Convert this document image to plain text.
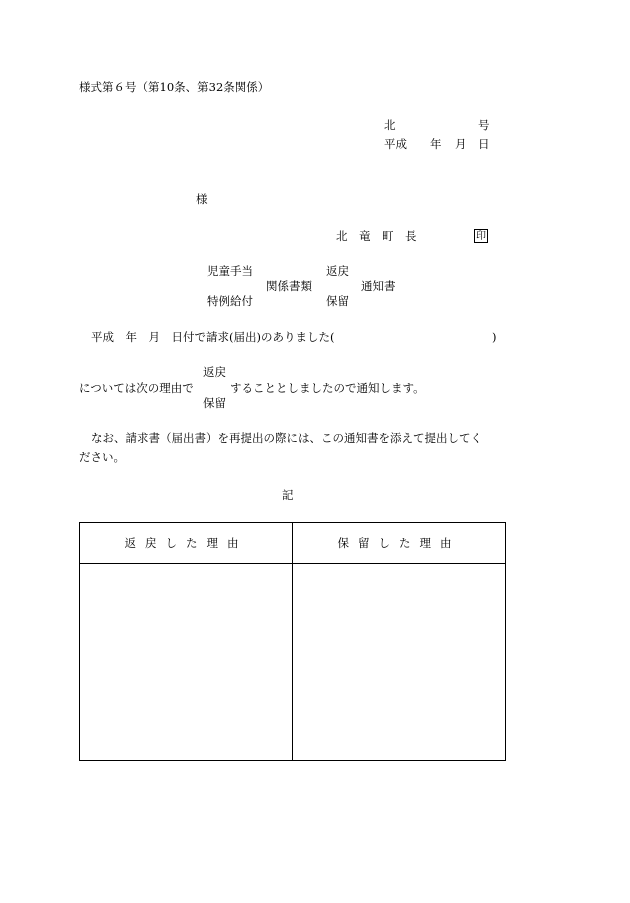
様式第６号（第10条、第32条関係）
北	号
平成 年 月 日
様
北　竜　町　長	印
児童手当	返戻
関係書類	通知書
特例給付	保留
平成　年　月　日付で請求(届出)のありました(	)
返戻
については次の理由で	することとしましたので通知します。
保留
なお、請求書（届出書）を再提出の際には、この通知書を添えて提出してく
ださい。
記
返戻した理由	保留した理由
